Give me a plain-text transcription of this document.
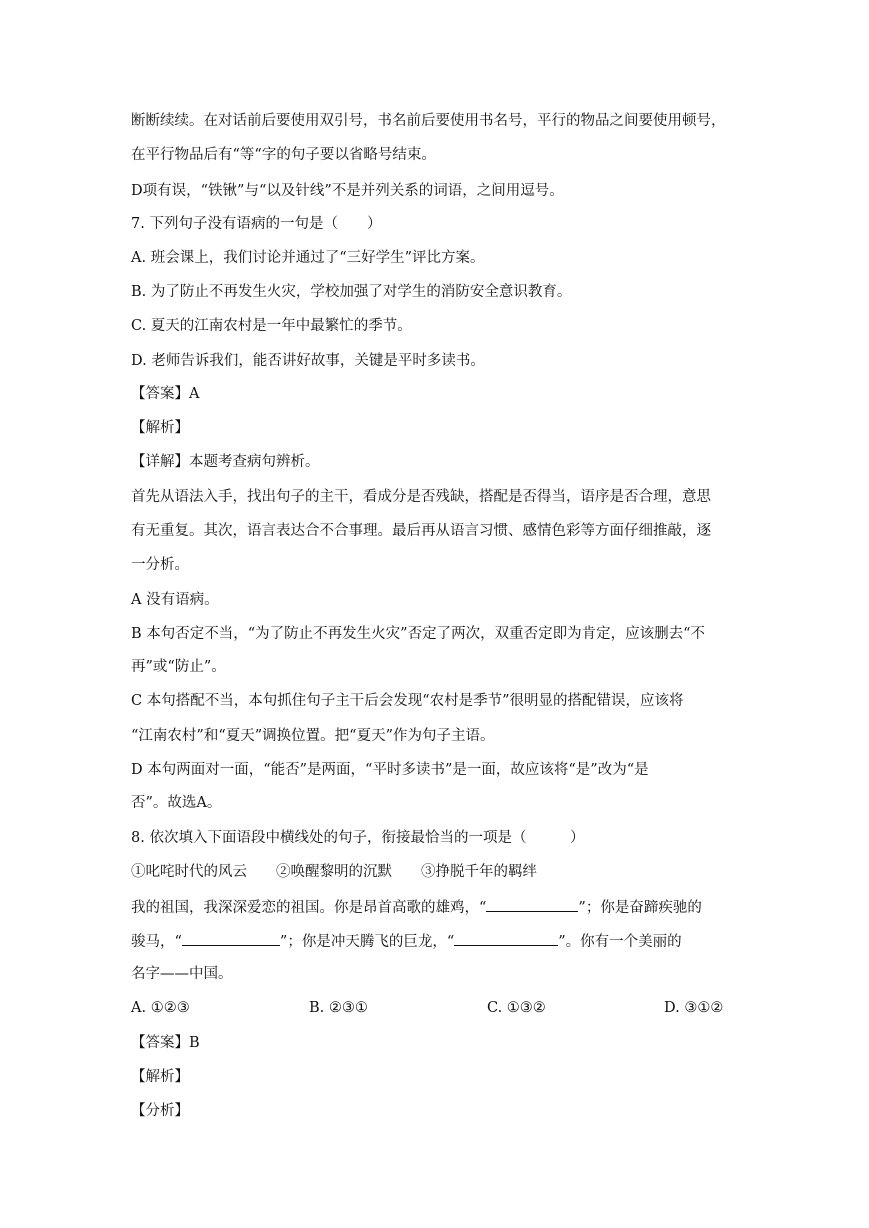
断断续续。在对话前后要使用双引号，书名前后要使用书名号，平行的物品之间要使用顿号，
在平行物品后有“等“字的句子要以省略号结束。
D项有误，“铁锹”与“以及针线”不是并列关系的词语，之间用逗号。
7. 下列句子没有语病的一句是（　　）
A. 班会课上，我们讨论并通过了“三好学生”评比方案。
B. 为了防止不再发生火灾，学校加强了对学生的消防安全意识教育。
C. 夏天的江南农村是一年中最繁忙的季节。
D. 老师告诉我们，能否讲好故事，关键是平时多读书。
【答案】A
【解析】
【详解】本题考查病句辨析。
首先从语法入手，找出句子的主干，看成分是否残缺，搭配是否得当，语序是否合理，意思
有无重复。其次，语言表达合不合事理。最后再从语言习惯、感情色彩等方面仔细推敲，逐
一分析。
A 没有语病。
B 本句否定不当，“为了防止不再发生火灾”否定了两次，双重否定即为肯定，应该删去“不
再”或“防止”。
C 本句搭配不当，本句抓住句子主干后会发现“农村是季节”很明显的搭配错误，应该将
“江南农村”和“夏天”调换位置。把“夏天”作为句子主语。
D 本句两面对一面，“能否”是两面，“平时多读书”是一面，故应该将“是”改为“是
否”。故选A。
8. 依次填入下面语段中横线处的句子，衔接最恰当的一项是（　　　）
①叱咤时代的风云　　②唤醒黎明的沉默　　③挣脱千年的羁绊
我的祖国，我深深爱恋的祖国。你是昂首高歌的雄鸡，“	”；你是奋蹄疾驰的
骏马，“	”；你是冲天腾飞的巨龙，“	”。你有一个美丽的
名字——中国。
A. ①②③	B. ②③①	C. ①③②	D. ③①②
【答案】B
【解析】
【分析】
